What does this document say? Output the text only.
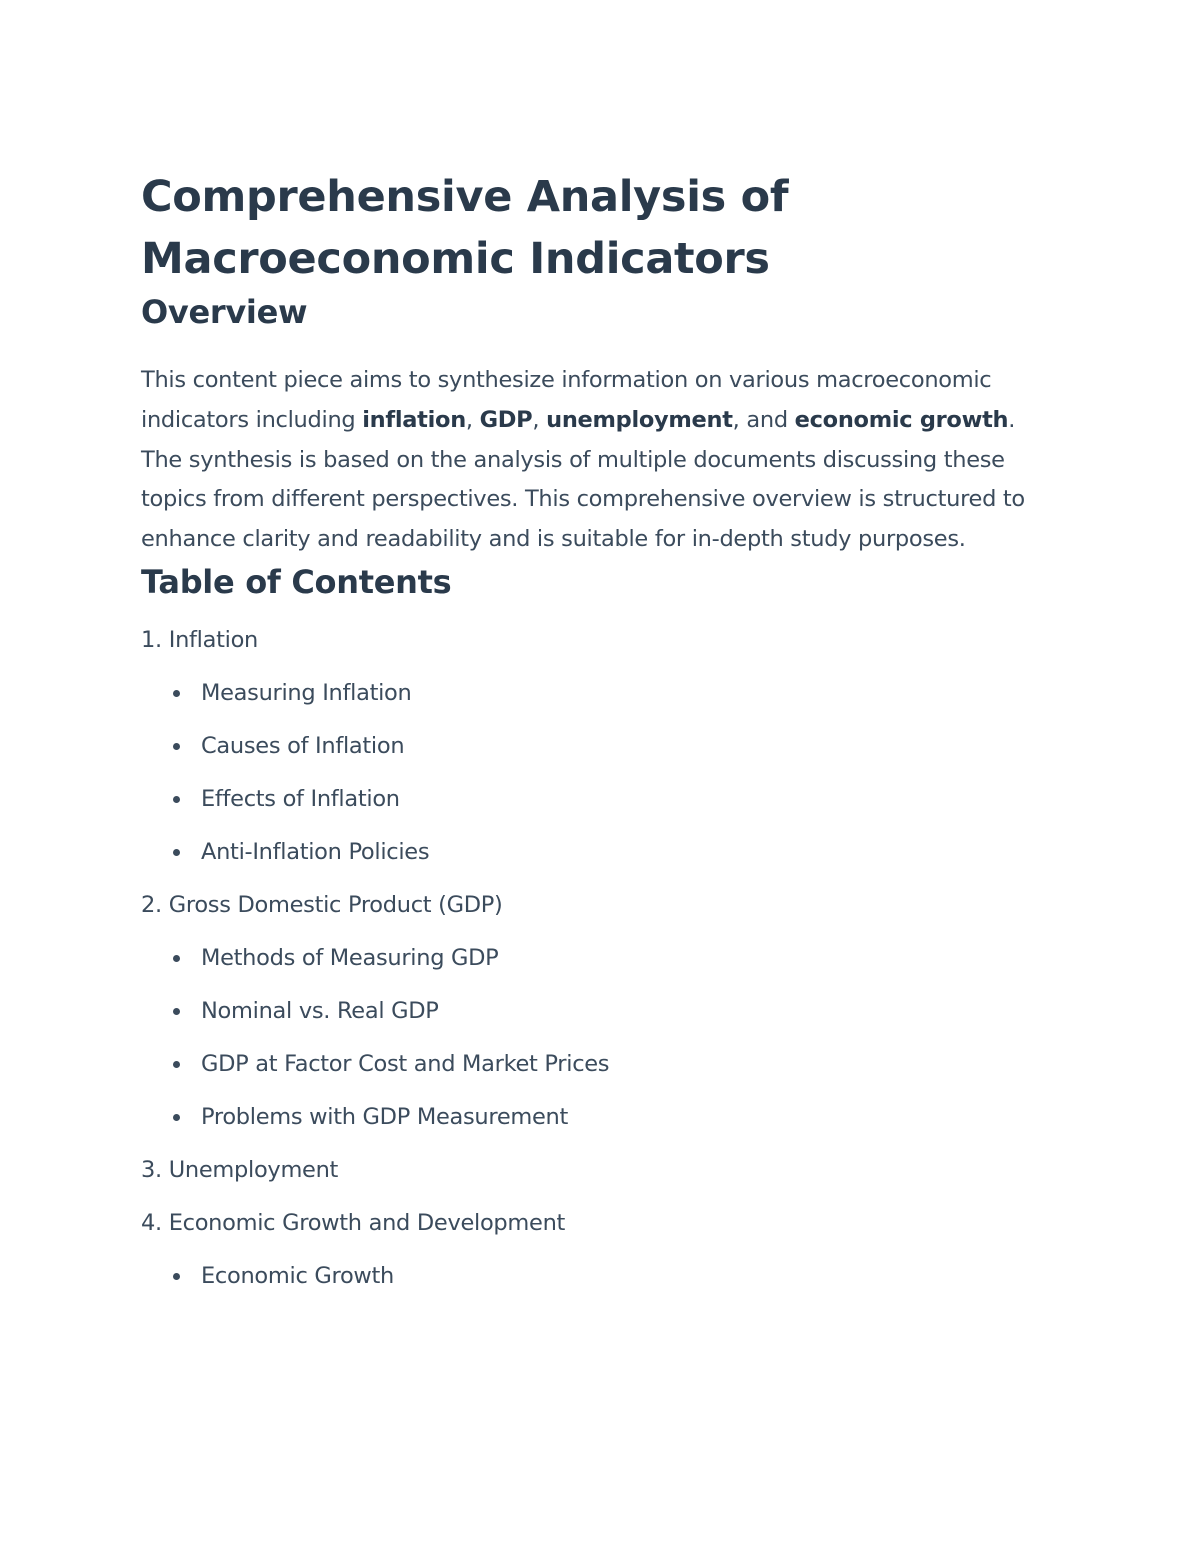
Comprehensive Analysis of Macroeconomic Indicators
Overview

This content piece aims to synthesize information on various macroeconomic indicators including inflation, GDP, unemployment, and economic growth. The synthesis is based on the analysis of multiple documents discussing these topics from different perspectives. This comprehensive overview is structured to enhance clarity and readability and is suitable for in-depth study purposes.

Table of Contents
1. Inflation
Measuring Inflation
Causes of Inflation
Effects of Inflation
Anti-Inflation Policies
2. Gross Domestic Product (GDP)
Methods of Measuring GDP
Nominal vs. Real GDP
GDP at Factor Cost and Market Prices
Problems with GDP Measurement
3. Unemployment
4. Economic Growth and Development
Economic Growth
